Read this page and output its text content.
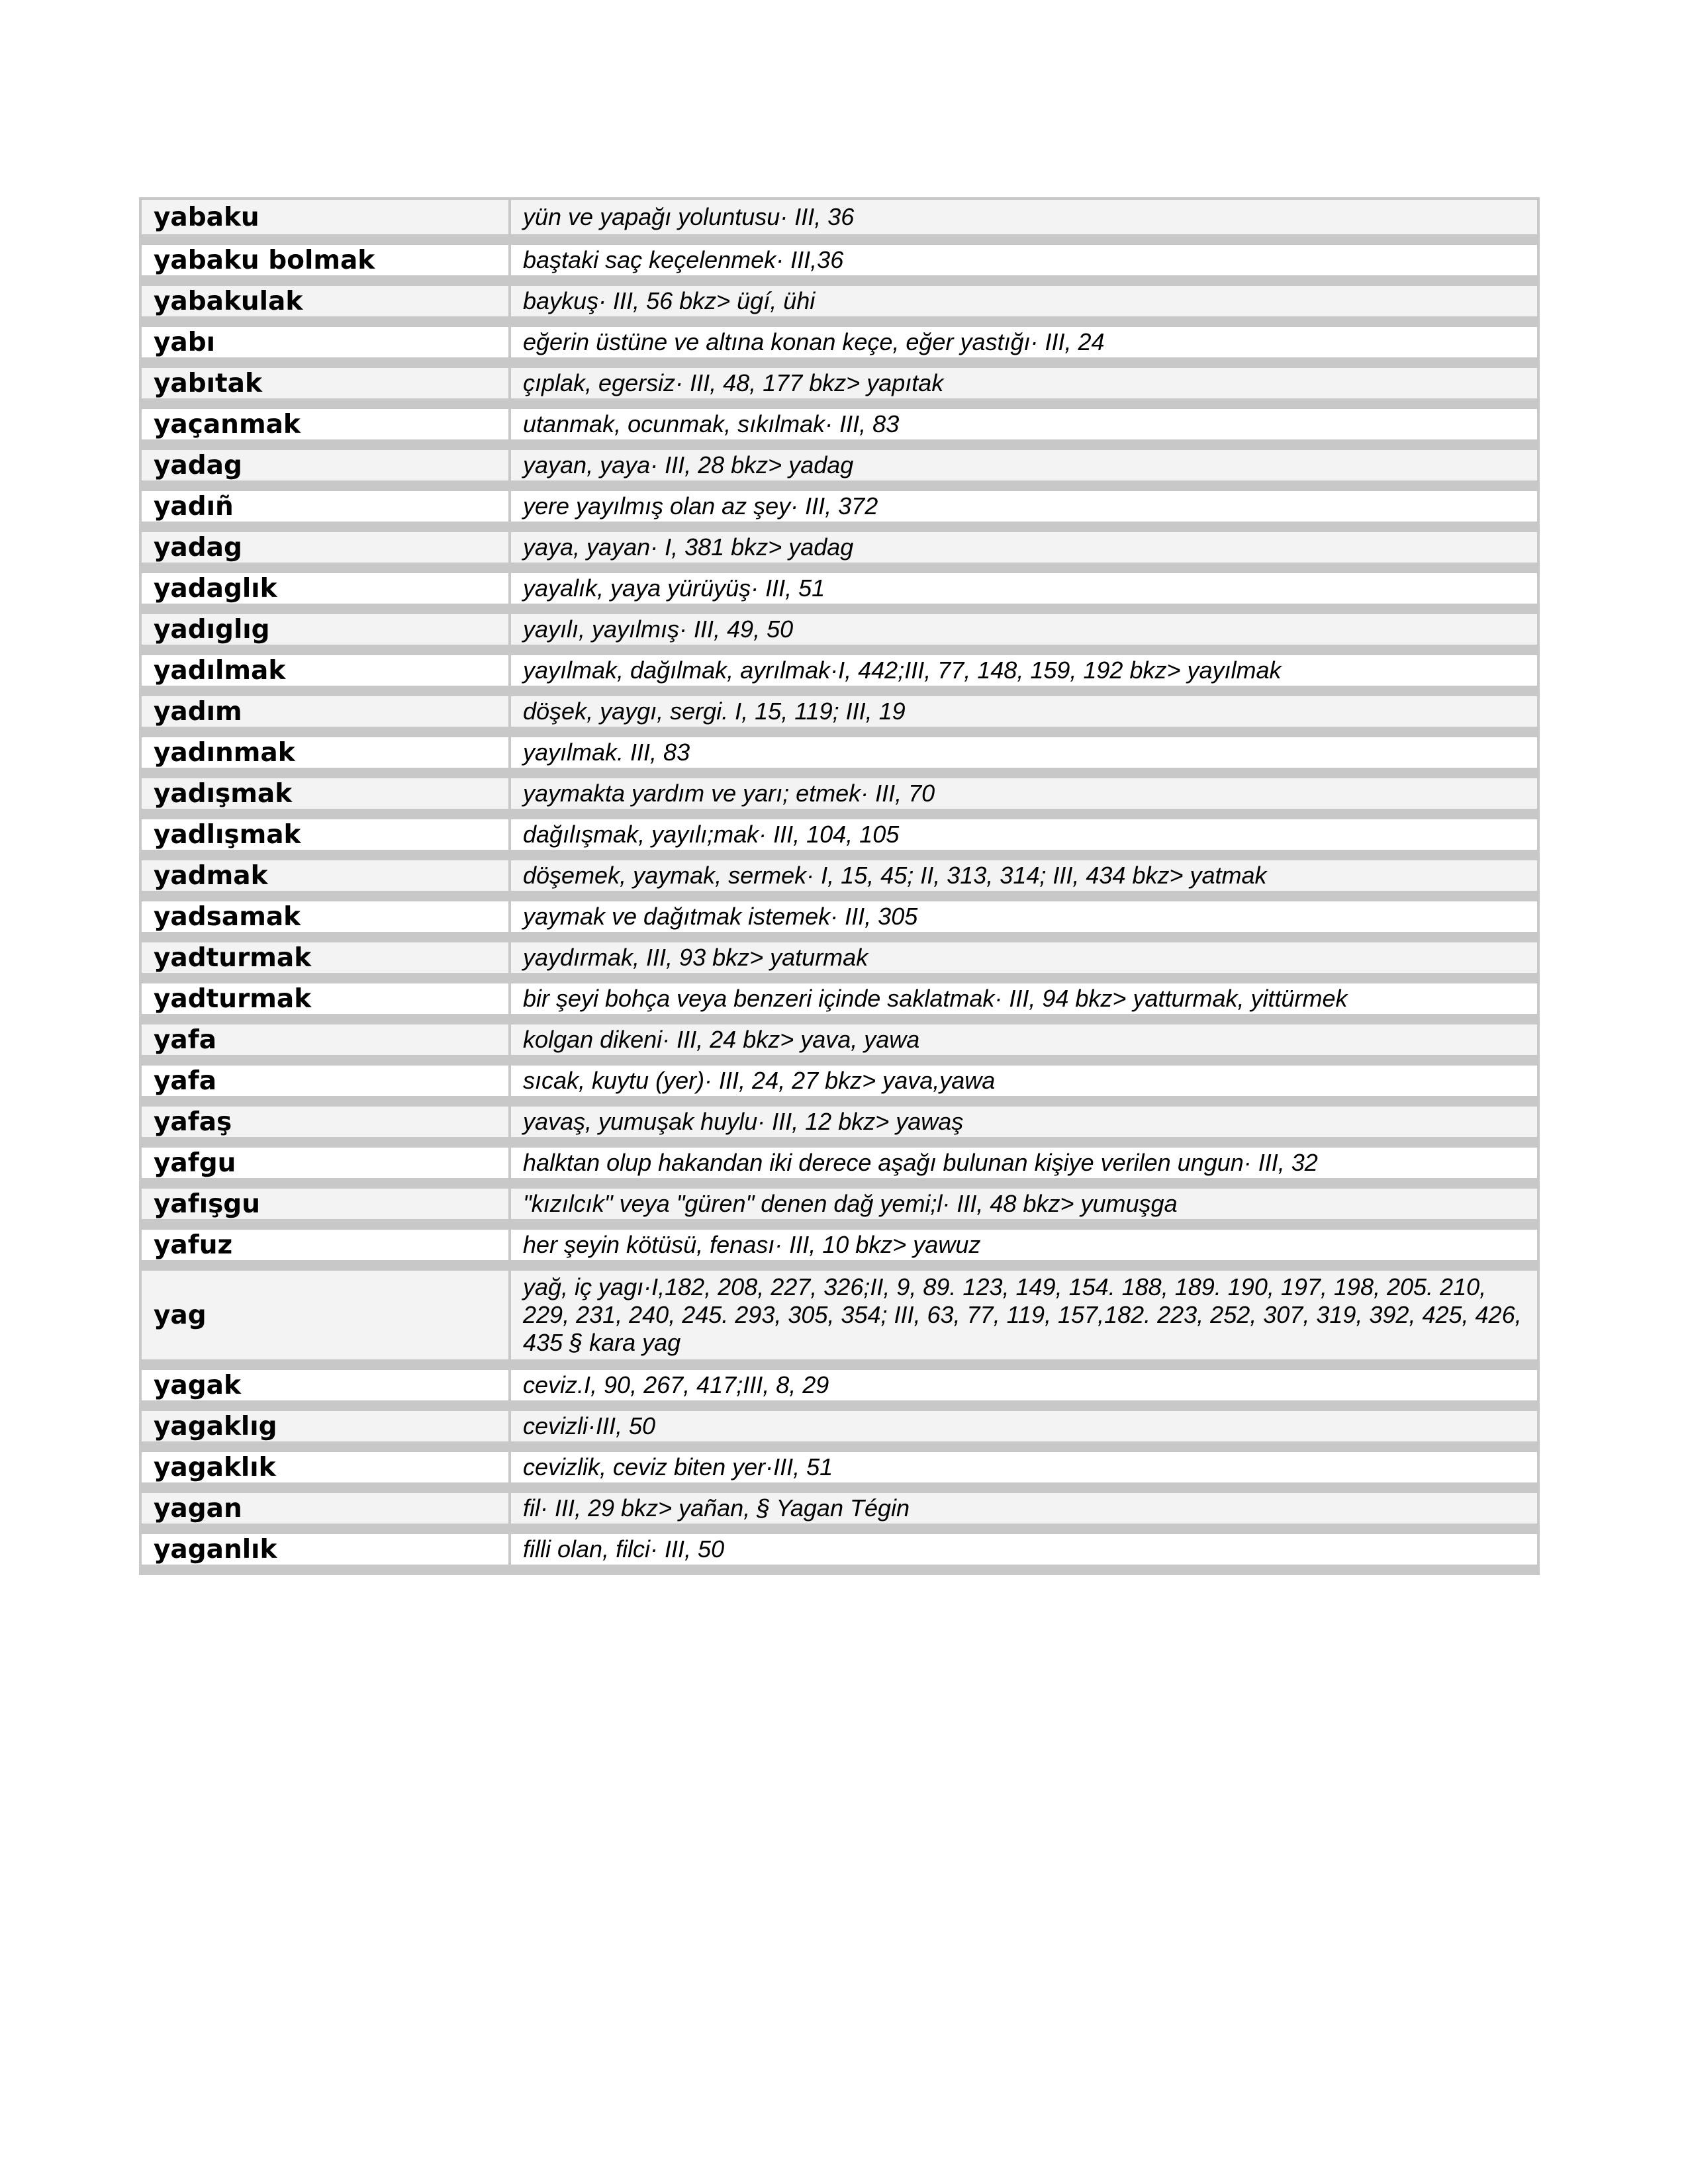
yabaku	yün ve yapağı yoluntusu· III, 36
yabaku bolmak	baştaki saç keçelenmek· III,36
yabakulak	baykuş· III, 56 bkz> ügí, ühi
yabı	eğerin üstüne ve altına konan keçe, eğer yastığı· III, 24
yabıtak	çıplak, egersiz· III, 48, 177 bkz> yapıtak
yaçanmak	utanmak, ocunmak, sıkılmak· III, 83
yadag	yayan, yaya· III, 28 bkz> yadag
yadıñ	yere yayılmış olan az şey· III, 372
yadag	yaya, yayan· I, 381 bkz> yadag
yadaglık	yayalık, yaya yürüyüş· III, 51
yadıglıg	yayılı, yayılmış· III, 49, 50
yadılmak	yayılmak, dağılmak, ayrılmak·I, 442;III, 77, 148, 159, 192 bkz> yayılmak
yadım	döşek, yaygı, sergi. I, 15, 119; III, 19
yadınmak	yayılmak. III, 83
yadışmak	yaymakta yardım ve yarı; etmek· III, 70
yadlışmak	dağılışmak, yayılı;mak· III, 104, 105
yadmak	döşemek, yaymak, sermek· I, 15, 45; II, 313, 314; III, 434 bkz> yatmak
yadsamak	yaymak ve dağıtmak istemek· III, 305
yadturmak	yaydırmak, III, 93 bkz> yaturmak
yadturmak	bir şeyi bohça veya benzeri içinde saklatmak· III, 94 bkz> yatturmak, yittürmek
yafa	kolgan dikeni· III, 24 bkz> yava, yawa
yafa	sıcak, kuytu (yer)· III, 24, 27 bkz> yava,yawa
yafaş	yavaş, yumuşak huylu· III, 12 bkz> yawaş
yafgu	halktan olup hakandan iki derece aşağı bulunan kişiye verilen ungun· III, 32
yafışgu	"kızılcık" veya "güren" denen dağ yemi;l· III, 48 bkz> yumuşga
yafuz	her şeyin kötüsü, fenası· III, 10 bkz> yawuz
yag	yağ, iç yagı·I,182, 208, 227, 326;II, 9, 89. 123, 149, 154. 188, 189. 190, 197, 198, 205. 210, 229, 231, 240, 245. 293, 305, 354; III, 63, 77, 119, 157,182. 223, 252, 307, 319, 392, 425, 426, 435 § kara yag
yagak	ceviz.I, 90, 267, 417;III, 8, 29
yagaklıg	cevizli·III, 50
yagaklık	cevizlik, ceviz biten yer·III, 51
yagan	fil· III, 29 bkz> yañan, § Yagan Tégin
yaganlık	filli olan, filci· III, 50
